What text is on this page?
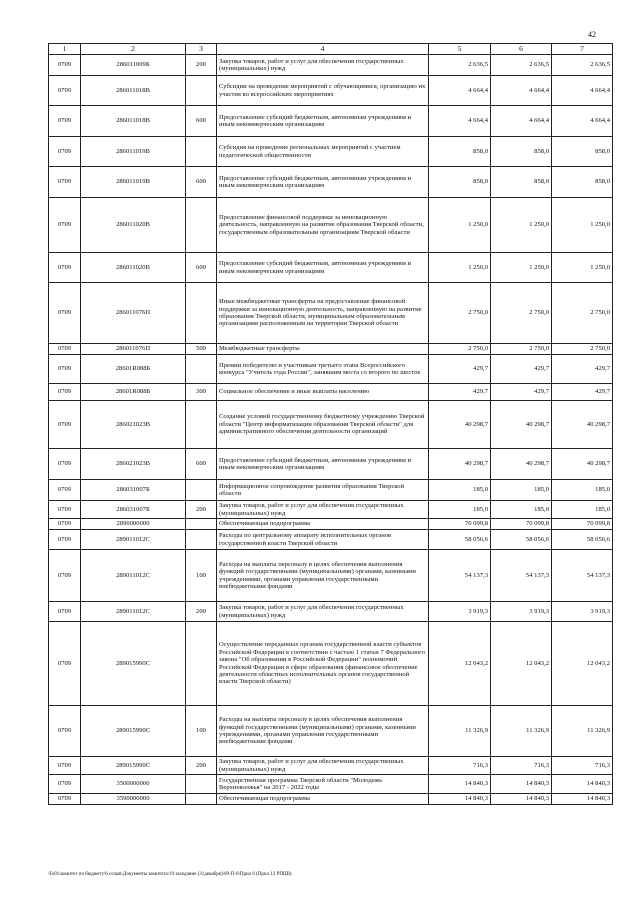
42
1	2	3	4	5	6	7
0709	286011009Б	200	Закупка товаров, работ и услуг для обеспечения государственных (муниципальных) нужд	2 636,5	2 636,5	2 636,5
0709	286011018В		Субсидии на проведение мероприятий с обучающимися, организацию их участия во всероссийских мероприятиях	4 664,4	4 664,4	4 664,4
0709	286011018В	600	Предоставление субсидий бюджетным, автономным учреждениям и иным некоммерческим организациям	4 664,4	4 664,4	4 664,4
0709	286011019В		Субсидия на проведение региональных мероприятий с участием педагогической общественности	858,0	858,0	858,0
0709	286011019В	600	Предоставление субсидий бюджетным, автономным учреждениям и иным некоммерческим организациям	858,0	858,0	858,0
0709	286011020В		Предоставление финансовой поддержки за инновационную деятельность, направленную на развитие образования Тверской области, государственным образовательным организациям Тверской области	1 250,0	1 250,0	1 250,0
0709	286011020В	600	Предоставление субсидий бюджетным, автономным учреждениям и иным некоммерческим организациям	1 250,0	1 250,0	1 250,0
0709	286011076П		Иные межбюджетные трансферты на предоставление финансовой поддержки за инновационную деятельность, направленную на развитие образования Тверской области, муниципальным образовательным организациям расположенным на территории Тверской области	2 750,0	2 750,0	2 750,0
0709	286011076П	500	Межбюджетные трансферты	2 750,0	2 750,0	2 750,0
0709	28601R088Б		Премии победителю и участникам третьего этапа Всероссийского конкурса "Учитель года России", занявшим места со второго по шестое	429,7	429,7	429,7
0709	28601R088Б	300	Социальное обеспечение и иные выплаты населению	429,7	429,7	429,7
0709	286021023В		Создание условий государственному бюджетному учреждению Тверской области "Центр информатизации образования Тверской области" для административного обеспечения деятельности организаций	40 298,7	40 298,7	40 298,7
0709	286021023В	600	Предоставление субсидий бюджетным, автономным учреждениям и иным некоммерческим организациям	40 298,7	40 298,7	40 298,7
0709	286031007Б		Информационное сопровождение развития образования Тверской области	185,0	185,0	185,0
0709	286031007Б	200	Закупка товаров, работ и услуг для обеспечения государственных (муниципальных) нужд	185,0	185,0	185,0
0709	2890000000		Обеспечивающая подпрограмма	70 099,8	70 099,8	70 099,8
0709	289011012С		Расходы по центральному аппарату исполнительных органов государственной власти Тверской области	58 056,6	58 056,6	58 056,6
0709	289011012С	100	Расходы на выплаты персоналу в целях обеспечения выполнения функций государственными (муниципальными) органами, казенными учреждениями, органами управления государственными внебюджетными фондами	54 137,3	54 137,3	54 137,3
0709	289011012С	200	Закупка товаров, работ и услуг для обеспечения государственных (муниципальных) нужд	3 919,3	3 919,3	3 919,3
0709	289015990С		Осуществление переданных органам государственной власти субъектов Российской Федерации в соответствии с частью 1 статьи 7 Федерального закона "Об образовании в Российской Федерации" полномочий Российской Федерации в сфере образования (финансовое обеспечение деятельности областных исполнительных органов государственной власти Тверской области)	12 043,2	12 043,2	12 043,2
0709	289015990С	100	Расходы на выплаты персоналу в целях обеспечения выполнения функций государственными (муниципальными) органами, казенными учреждениями, органами управления государственными внебюджетными фондами	11 326,9	11 326,9	11 326,9
0709	289015990С	200	Закупка товаров, работ и услуг для обеспечения государственных (муниципальных) нужд	716,3	716,3	716,3
0709	3500000000		Государственная программа Тверской области "Молодежь Верхневолжья" на 2017 - 2022 годы	14 840,3	14 840,3	14 840,3
0709	3590000000		Обеспечивающая подпрограмма	14 840,3	14 840,3	14 840,3
\Fs01\комитет по бюджету\6 созыв\Документы комитета\10 заседание (31декабря)\09-П-6\Прил 6 (Прил 12 РПЦВ)
